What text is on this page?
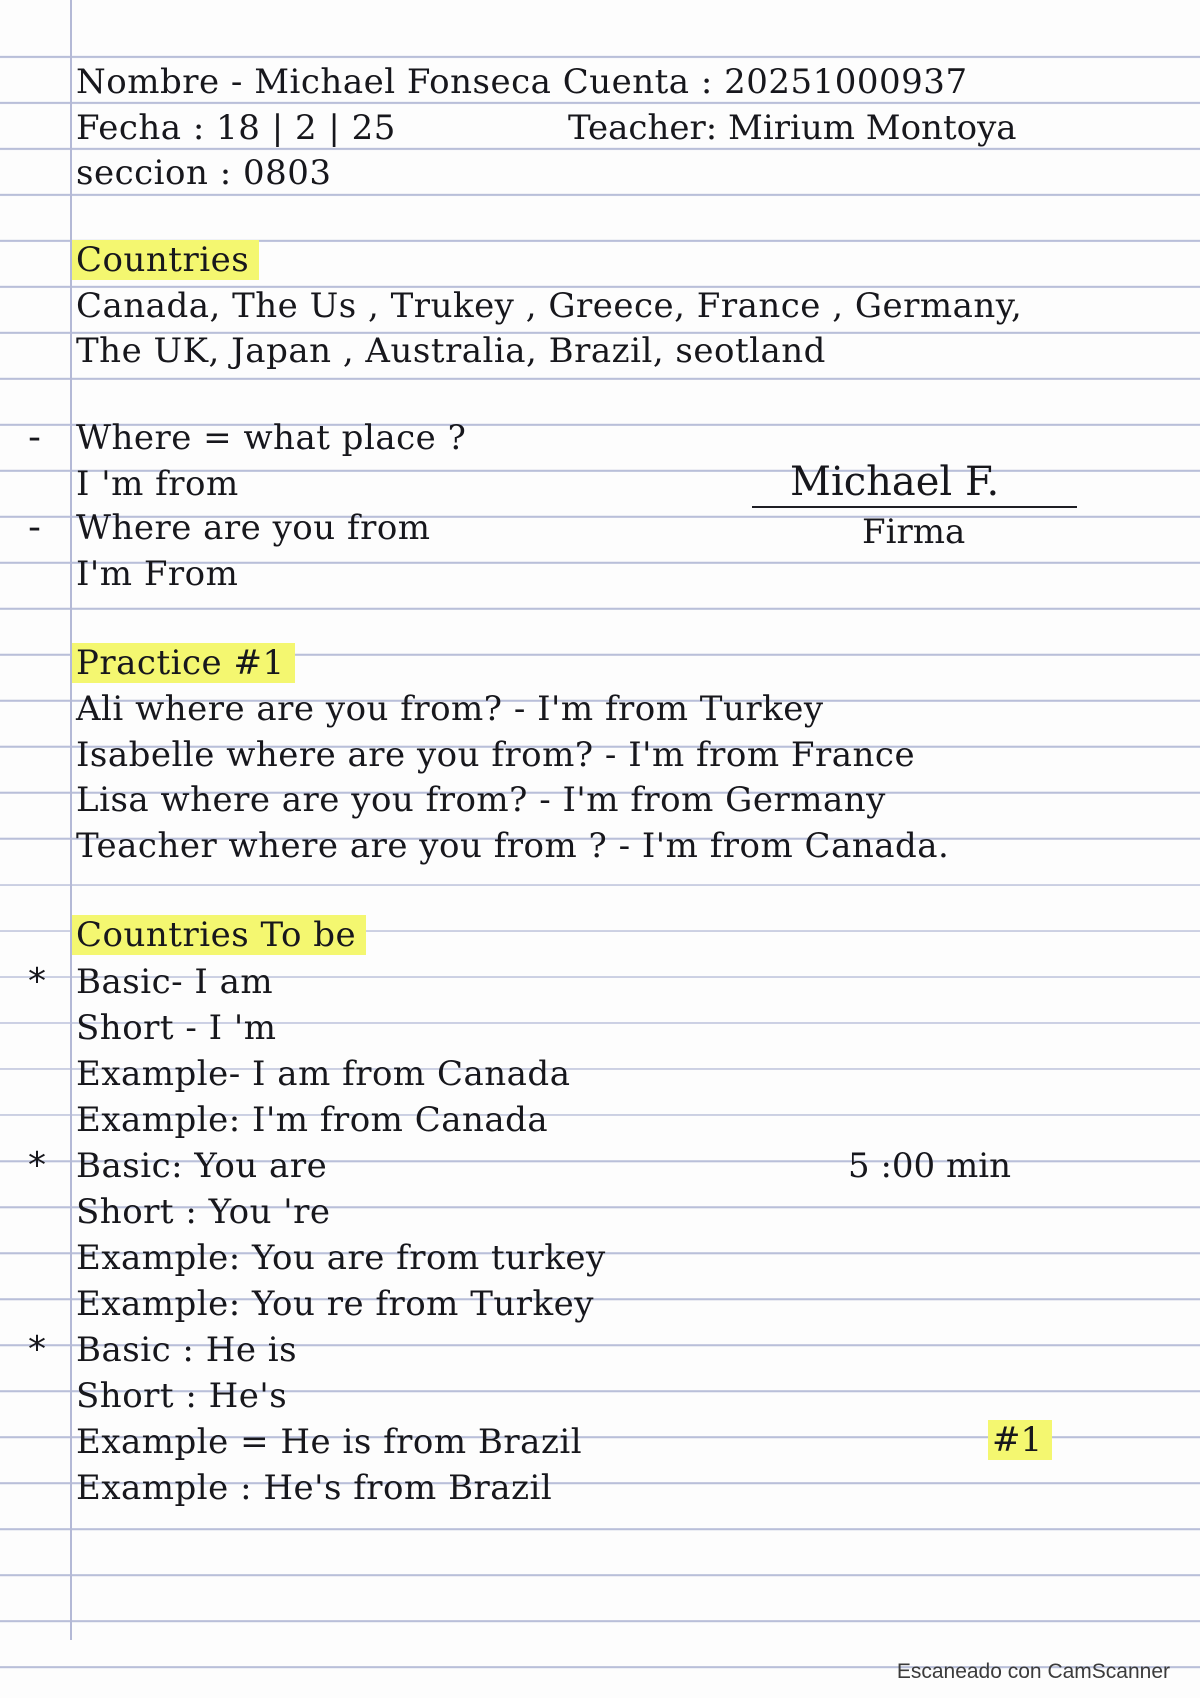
Nombre - Michael Fonseca Cuenta : 20251000937

Fecha : 18 | 2 | 25	Teacher: Mirium Montoya

seccion : 0803

Countries

Canada, The Us , Trukey , Greece, France , Germany,

The UK, Japan , Australia, Brazil, seotland

- Where = what place ?

I 'm from

- Where are you from

I'm From

Michael F.
Firma

Practice #1

Ali where are you from? - I'm from Turkey

Isabelle where are you from? - I'm from France

Lisa where are you from? - I'm from Germany

Teacher where are you from ? - I'm from Canada.

Countries To be

* Basic- I am

Short - I 'm

Example- I am from Canada

Example: I'm from Canada

* Basic: You are	5 :00 min

Short : You 're

Example: You are from turkey

Example: You re from Turkey

* Basic : He is

Short : He's

Example = He is from Brazil	#1

Example : He's from Brazil

Escaneado con CamScanner
